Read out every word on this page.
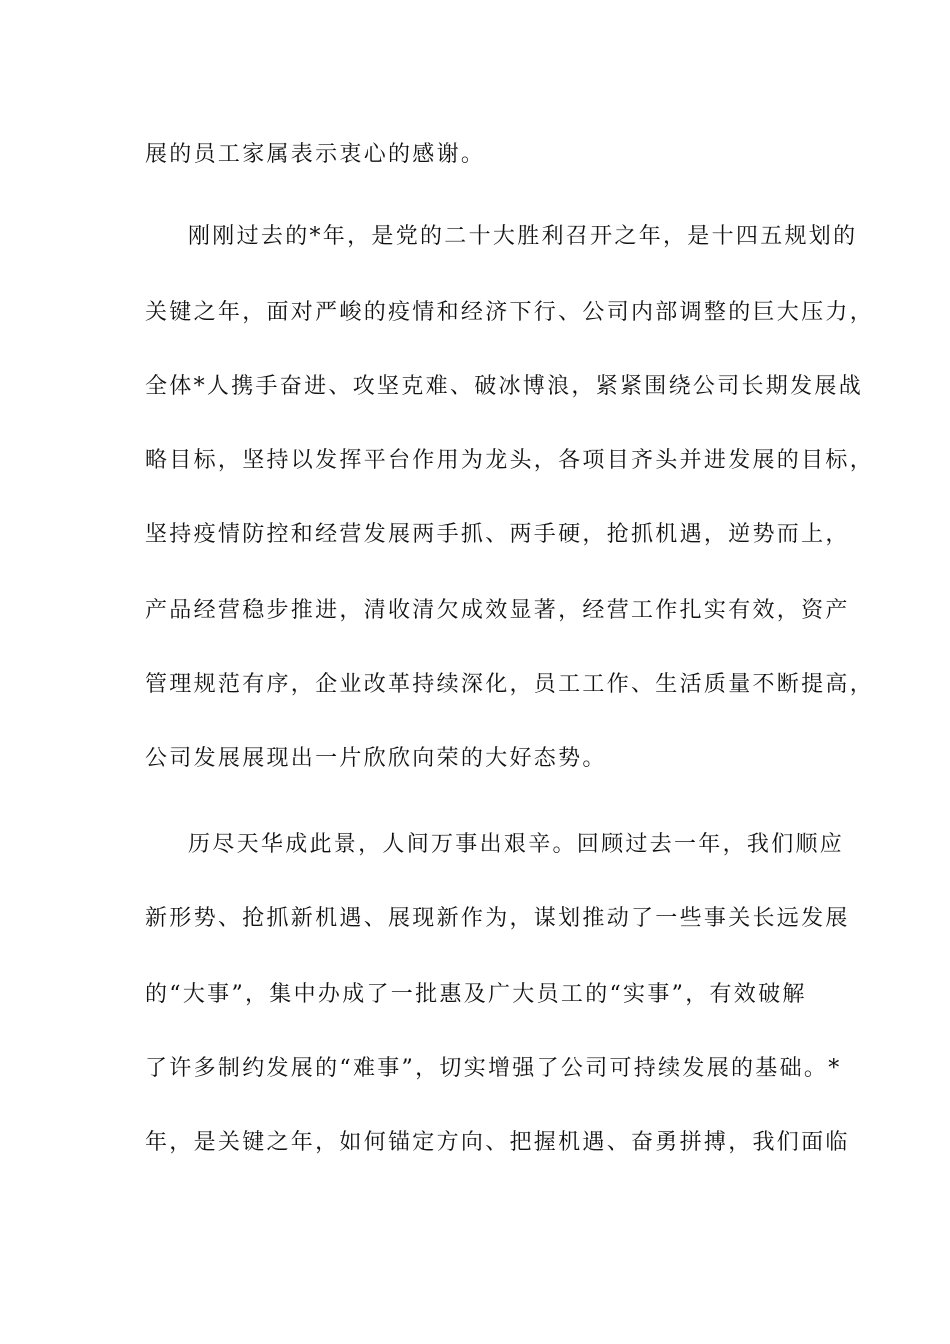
展的员工家属表示衷心的感谢。
刚刚过去的*年，是党的二十大胜利召开之年，是十四五规划的
关键之年，面对严峻的疫情和经济下行、公司内部调整的巨大压力，
全体*人携手奋进、攻坚克难、破冰博浪，紧紧围绕公司长期发展战
略目标，坚持以发挥平台作用为龙头，各项目齐头并进发展的目标，
坚持疫情防控和经营发展两手抓、两手硬，抢抓机遇，逆势而上，
产品经营稳步推进，清收清欠成效显著，经营工作扎实有效，资产
管理规范有序，企业改革持续深化，员工工作、生活质量不断提高，
公司发展展现出一片欣欣向荣的大好态势。
历尽天华成此景，人间万事出艰辛。回顾过去一年，我们顺应
新形势、抢抓新机遇、展现新作为，谋划推动了一些事关长远发展
的“大事”，集中办成了一批惠及广大员工的“实事”，有效破解
了许多制约发展的“难事”，切实增强了公司可持续发展的基础。*
年，是关键之年，如何锚定方向、把握机遇、奋勇拼搏，我们面临
